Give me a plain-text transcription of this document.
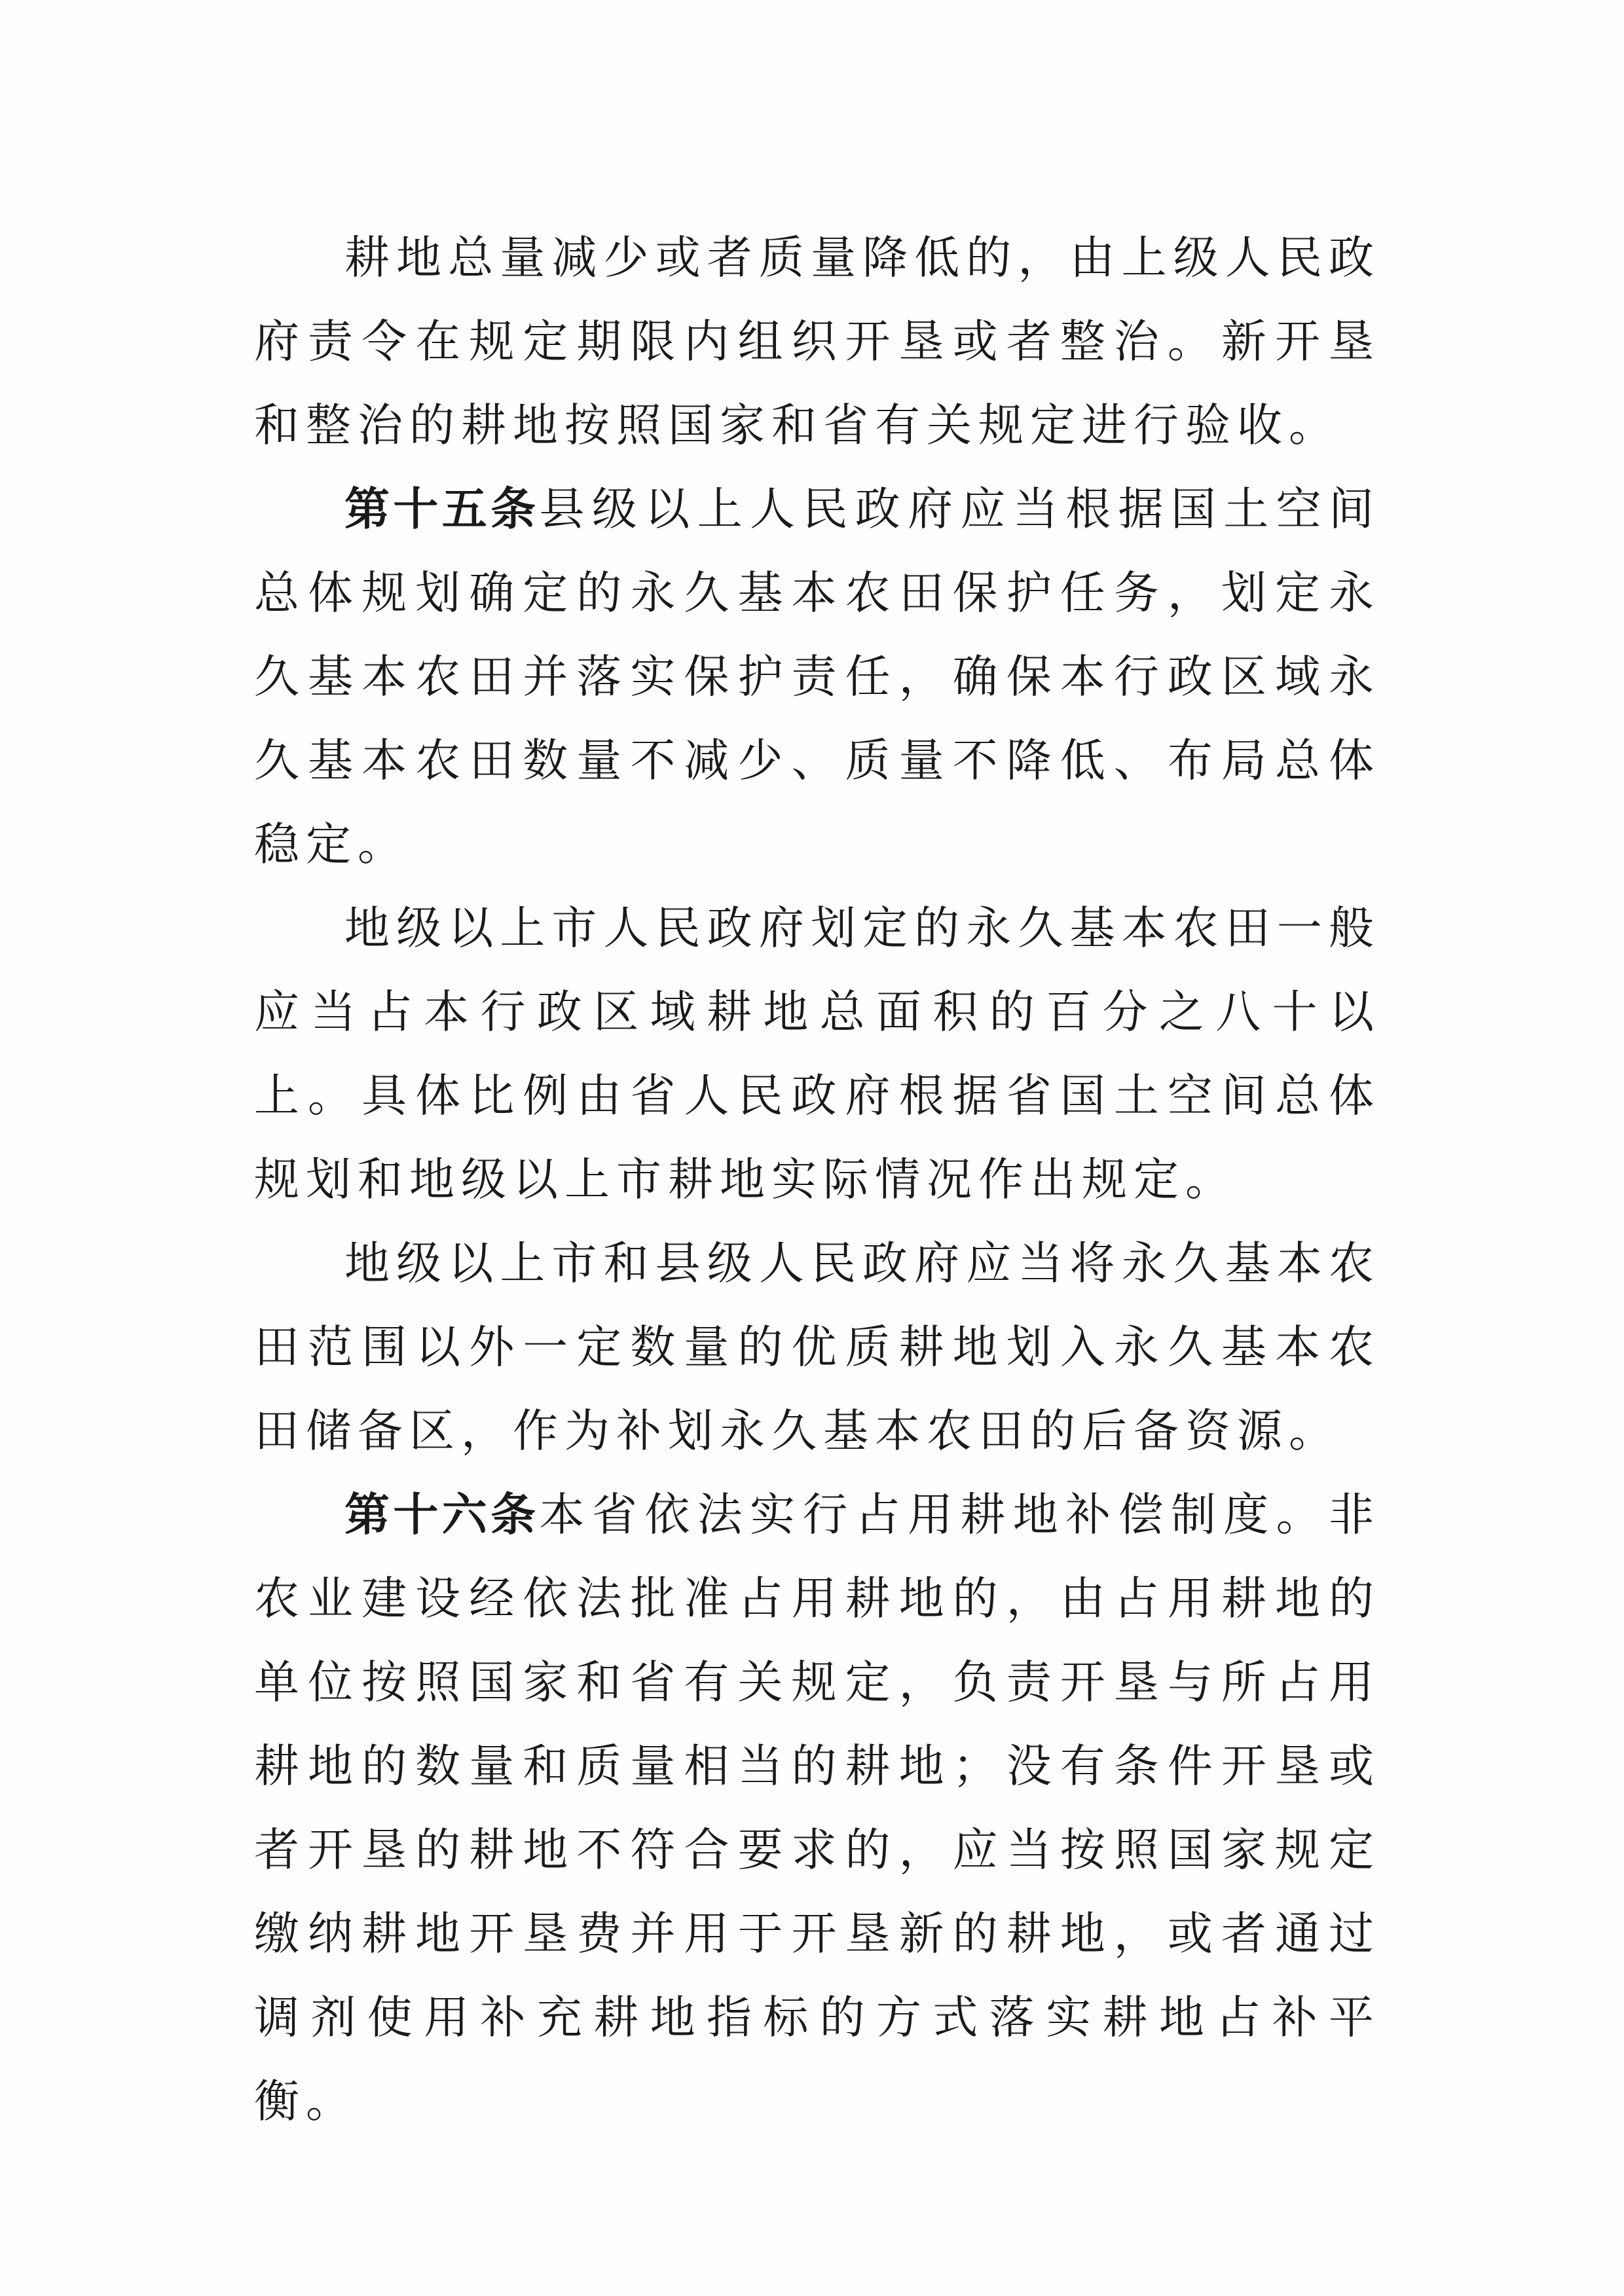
耕地总量减少或者质量降低的，由上级人民政府责令在规定期限内组织开垦或者整治。新开垦和整治的耕地按照国家和省有关规定进行验收。

第十五条县级以上人民政府应当根据国土空间总体规划确定的永久基本农田保护任务，划定永久基本农田并落实保护责任，确保本行政区域永久基本农田数量不减少、质量不降低、布局总体稳定。

地级以上市人民政府划定的永久基本农田一般应当占本行政区域耕地总面积的百分之八十以上。具体比例由省人民政府根据省国土空间总体规划和地级以上市耕地实际情况作出规定。

地级以上市和县级人民政府应当将永久基本农田范围以外一定数量的优质耕地划入永久基本农田储备区，作为补划永久基本农田的后备资源。

第十六条本省依法实行占用耕地补偿制度。非农业建设经依法批准占用耕地的，由占用耕地的单位按照国家和省有关规定，负责开垦与所占用耕地的数量和质量相当的耕地；没有条件开垦或者开垦的耕地不符合要求的，应当按照国家规定缴纳耕地开垦费并用于开垦新的耕地，或者通过调剂使用补充耕地指标的方式落实耕地占补平衡。
